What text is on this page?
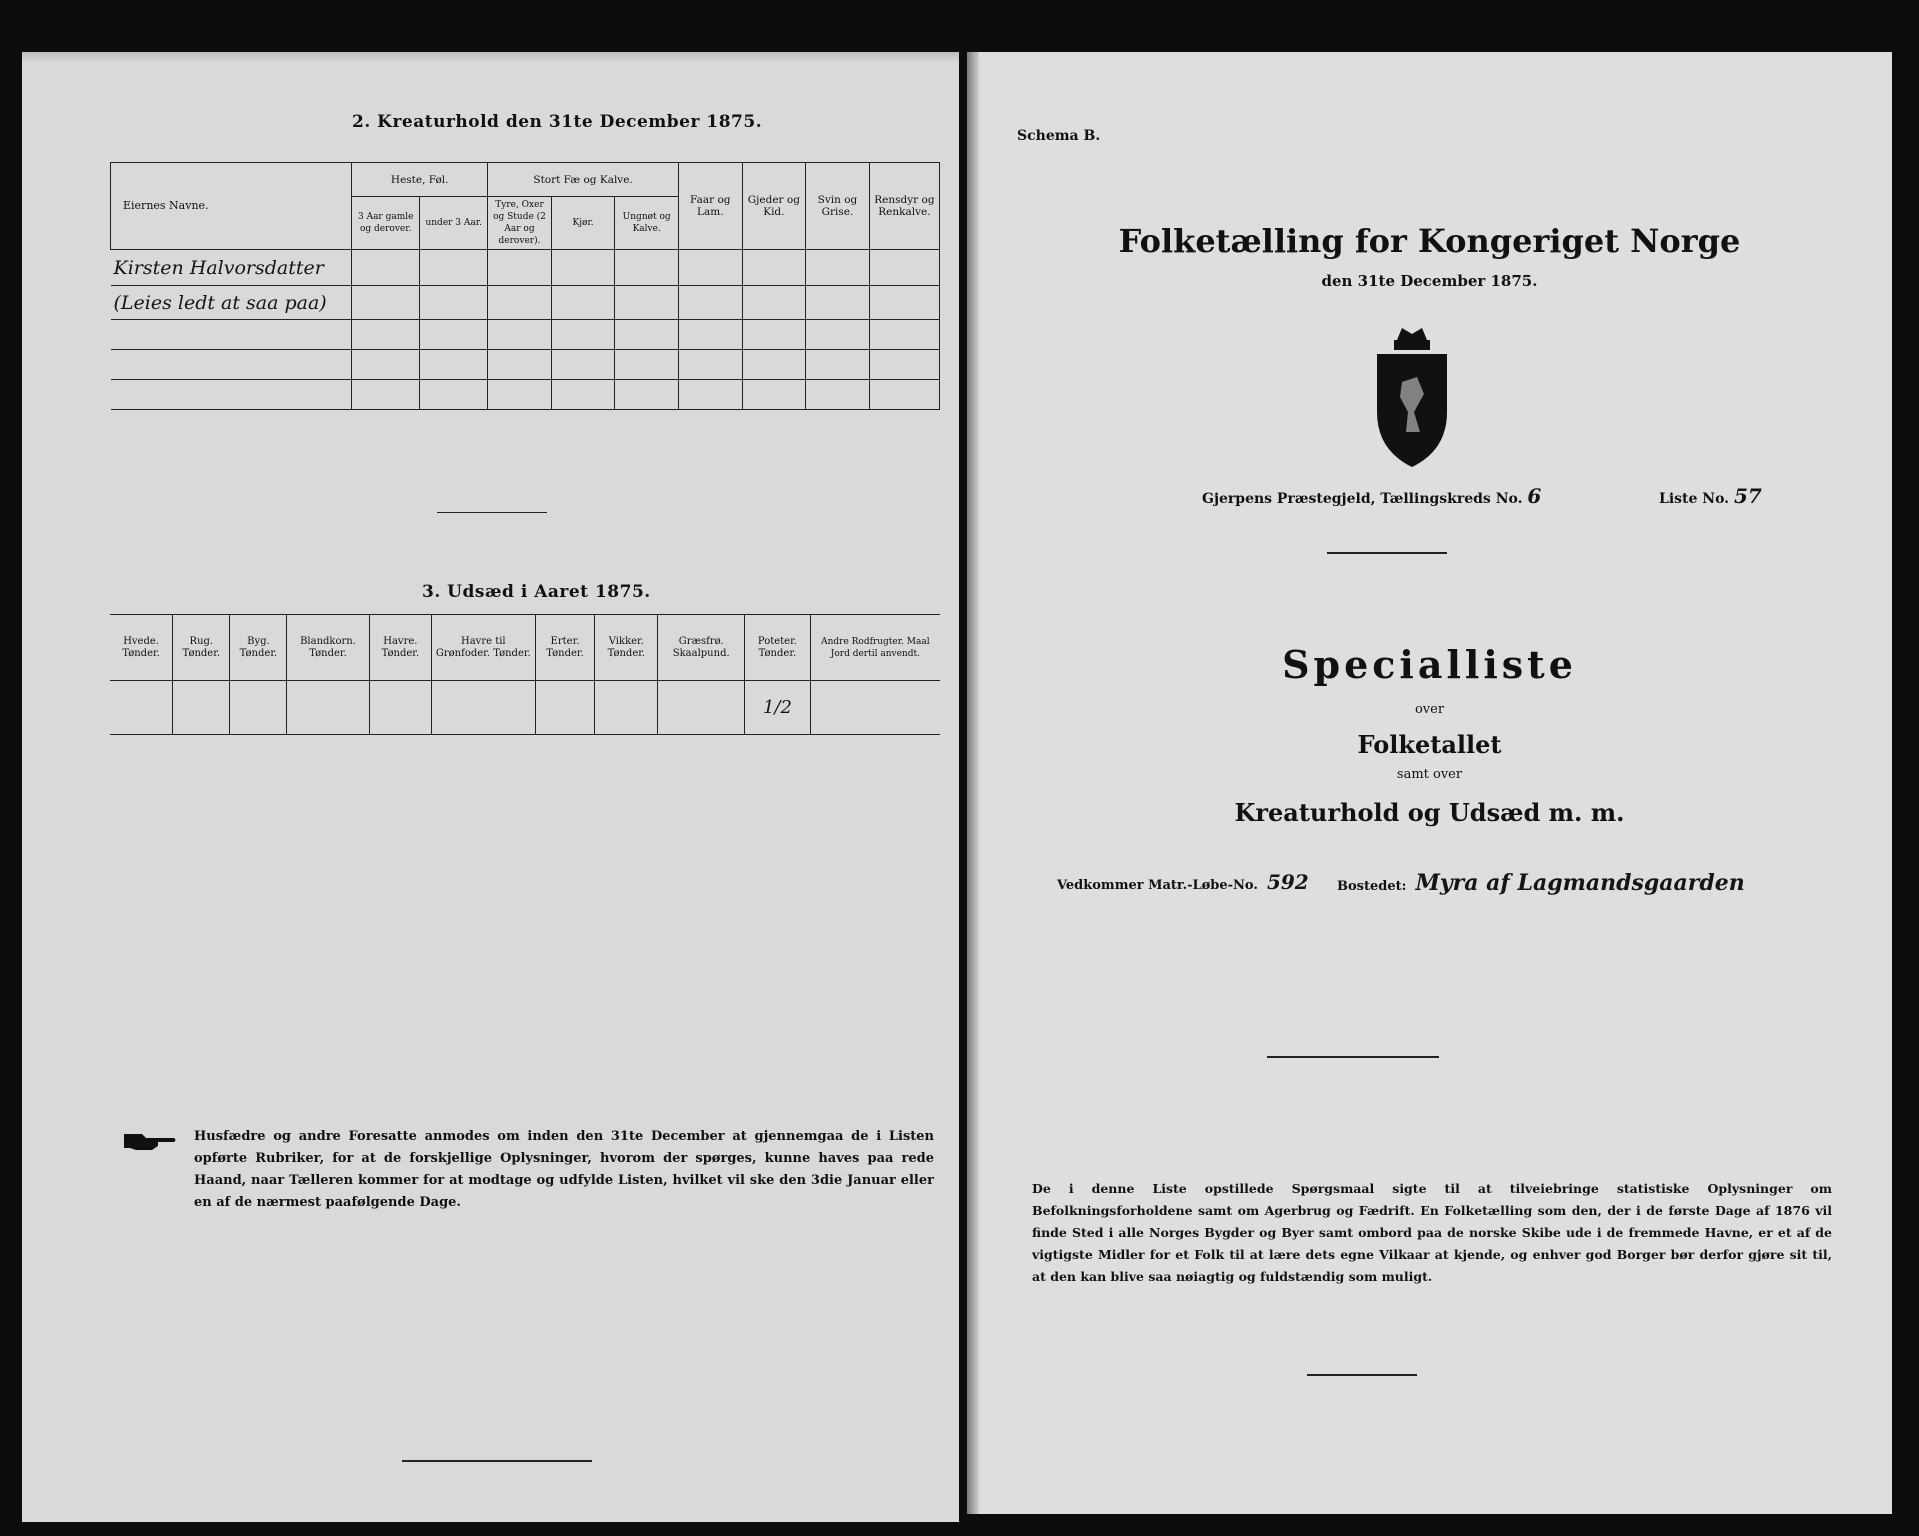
2. Kreaturhold den 31te December 1875.
Eiernes Navne.	Heste, Føl.		Stort Fæ og Kalve.			Faar og Lam.	Gjeder og Kid.	Svin og Grise.	Rensdyr og Renkalve.
	3 Aar gamle og derover.	under 3 Aar.	Tyre, Oxer og Stude (2 Aar og derover).	Kjør.	Ungnøt og Kalve.				
Kirsten Halvorsdatter									
(Leies ledt at saa paa)									

3. Udsæd i Aaret 1875.
Hvede. Tønder.	Rug. Tønder.	Byg. Tønder.	Blandkorn. Tønder.	Havre. Tønder.	Havre til Grønfoder. Tønder.	Erter. Tønder.	Vikker. Tønder.	Græsfrø. Skaalpund.	Poteter. Tønder.	Andre Rodfrugter. Maal Jord dertil anvendt.
									1/2	
Husfædre og andre Foresatte anmodes om inden den 31te December at gjennemgaa de i Listen opførte Rubriker, for at de forskjellige Oplysninger, hvorom der spørges, kunne haves paa rede Haand, naar Tælleren kommer for at modtage og udfylde Listen, hvilket vil ske den 3die Januar eller en af de nærmest paafølgende Dage.
Schema B.
Folketælling for Kongeriget Norge
den 31te December 1875.
Gjerpens Præstegjeld, Tællingskreds No. 6	Liste No. 57
Specialliste
over
Folketallet
samt over
Kreaturhold og Udsæd m. m.
Vedkommer Matr.-Løbe-No. 592 Bostedet: Myra af Lagmandsgaarden
De i denne Liste opstillede Spørgsmaal sigte til at tilveiebringe statistiske Oplysninger om Befolkningsforholdene samt om Agerbrug og Fædrift. En Folketælling som den, der i de første Dage af 1876 vil finde Sted i alle Norges Bygder og Byer samt ombord paa de norske Skibe ude i de fremmede Havne, er et af de vigtigste Midler for et Folk til at lære dets egne Vilkaar at kjende, og enhver god Borger bør derfor gjøre sit til, at den kan blive saa nøiagtig og fuldstændig som muligt.
